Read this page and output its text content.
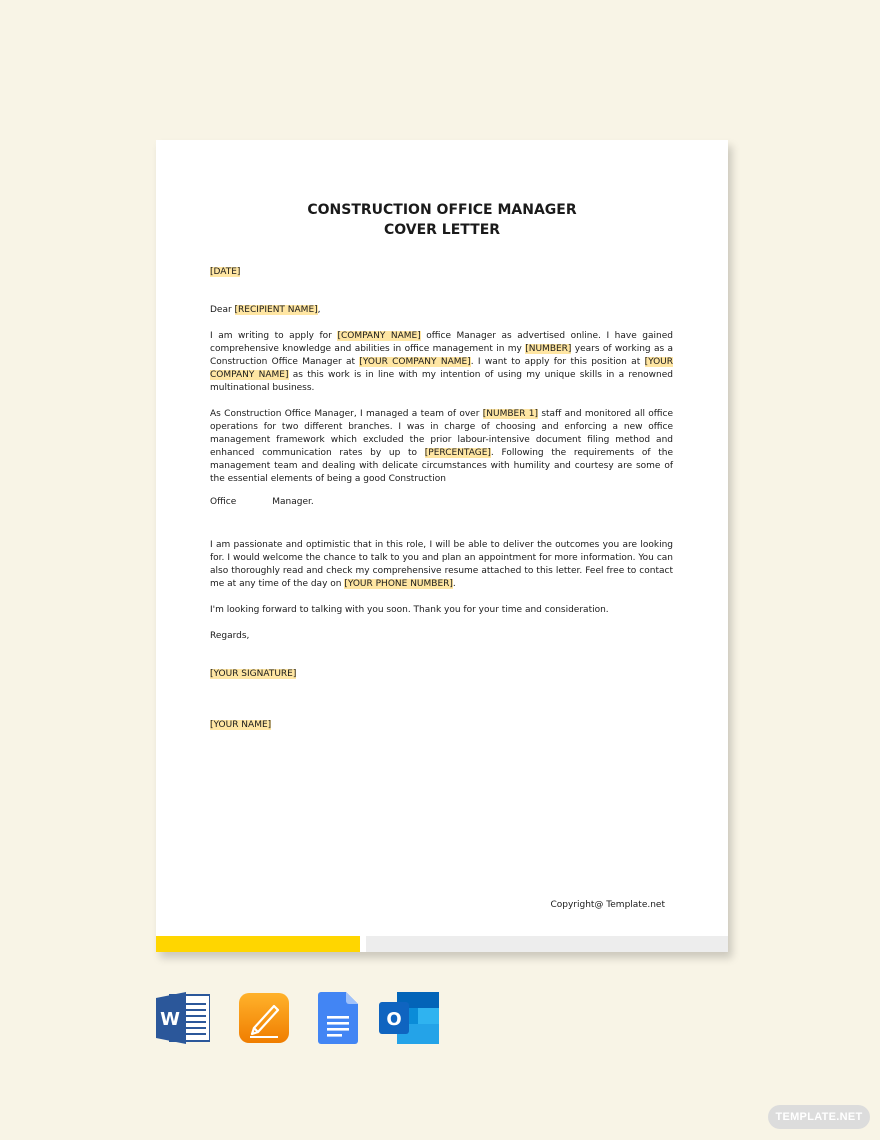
CONSTRUCTION OFFICE MANAGER
COVER LETTER

[DATE]

Dear [RECIPIENT NAME],

I am writing to apply for [COMPANY NAME] office Manager as advertised online. I have gained comprehensive knowledge and abilities in office management in my [NUMBER] years of working as a Construction Office Manager at [YOUR COMPANY NAME]. I want to apply for this position at [YOUR COMPANY NAME] as this work is in line with my intention of using my unique skills in a renowned multinational business.

As Construction Office Manager, I managed a team of over [NUMBER 1] staff and monitored all office operations for two different branches. I was in charge of choosing and enforcing a new office management framework which excluded the prior labour-intensive document filing method and enhanced communication rates by up to [PERCENTAGE]. Following the requirements of the management team and dealing with delicate circumstances with humility and courtesy are some of the essential elements of being a good Construction

Office	Manager.

I am passionate and optimistic that in this role, I will be able to deliver the outcomes you are looking for. I would welcome the chance to talk to you and plan an appointment for more information. You can also thoroughly read and check my comprehensive resume attached to this letter. Feel free to contact me at any time of the day on [YOUR PHONE NUMBER].

I'm looking forward to talking with you soon. Thank you for your time and consideration.

Regards,

[YOUR SIGNATURE]

[YOUR NAME]

Copyright@ Template.net
W	O
TEMPLATE.NET
